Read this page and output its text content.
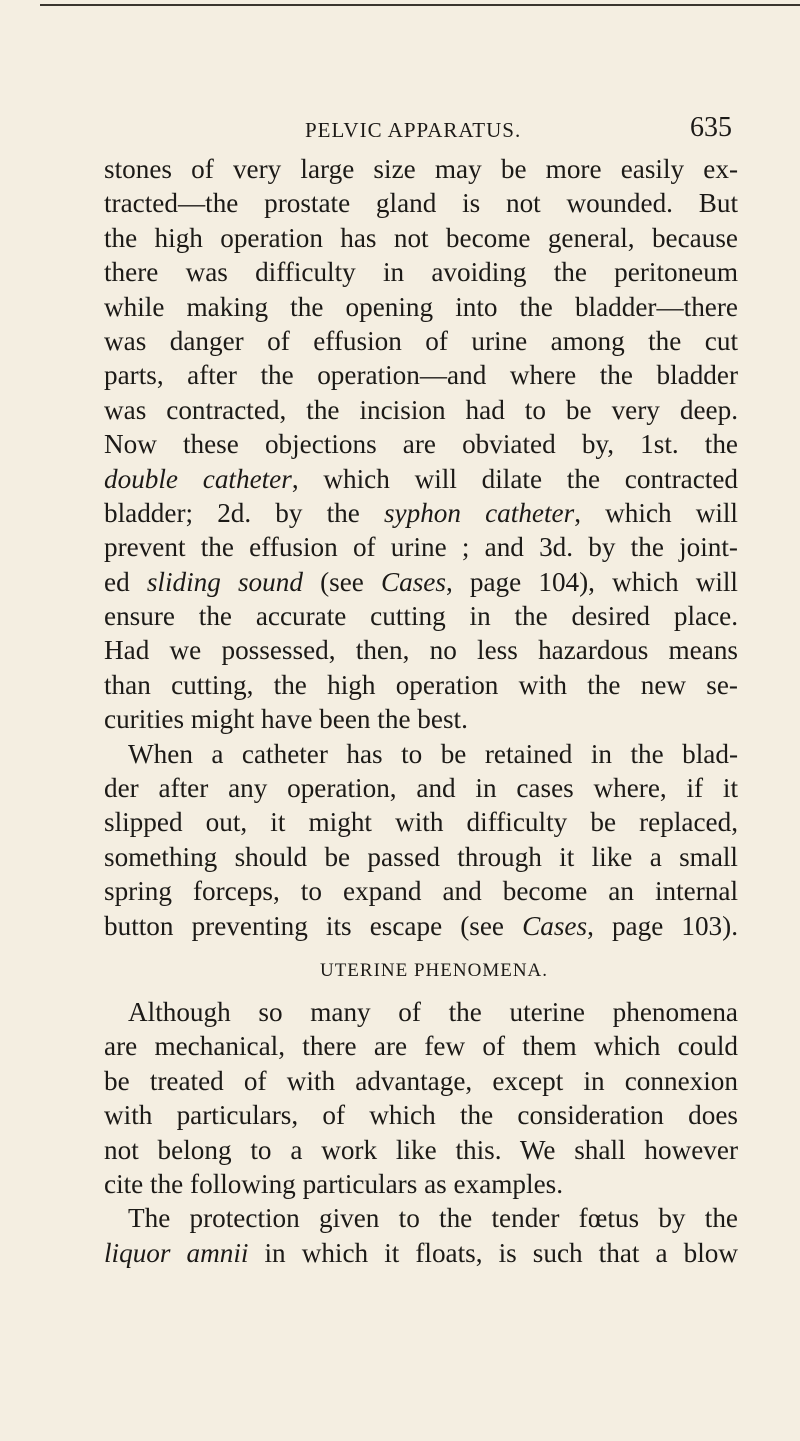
PELVIC APPARATUS.	635
stones of very large size may be more easily ex-
tracted—the prostate gland is not wounded. But
the high operation has not become general, because
there was difficulty in avoiding the peritoneum
while making the opening into the bladder—there
was danger of effusion of urine among the cut
parts, after the operation—and where the bladder
was contracted, the incision had to be very deep.
Now these objections are obviated by, 1st. the
double catheter, which will dilate the contracted
bladder; 2d. by the syphon catheter, which will
prevent the effusion of urine ; and 3d. by the joint-
ed sliding sound (see Cases, page 104), which will
ensure the accurate cutting in the desired place.
Had we possessed, then, no less hazardous means
than cutting, the high operation with the new se-
curities might have been the best.
When a catheter has to be retained in the blad-
der after any operation, and in cases where, if it
slipped out, it might with difficulty be replaced,
something should be passed through it like a small
spring forceps, to expand and become an internal
button preventing its escape (see Cases, page 103).
UTERINE PHENOMENA.
Although so many of the uterine phenomena
are mechanical, there are few of them which could
be treated of with advantage, except in connexion
with particulars, of which the consideration does
not belong to a work like this. We shall however
cite the following particulars as examples.
The protection given to the tender fœtus by the
liquor amnii in which it floats, is such that a blow
